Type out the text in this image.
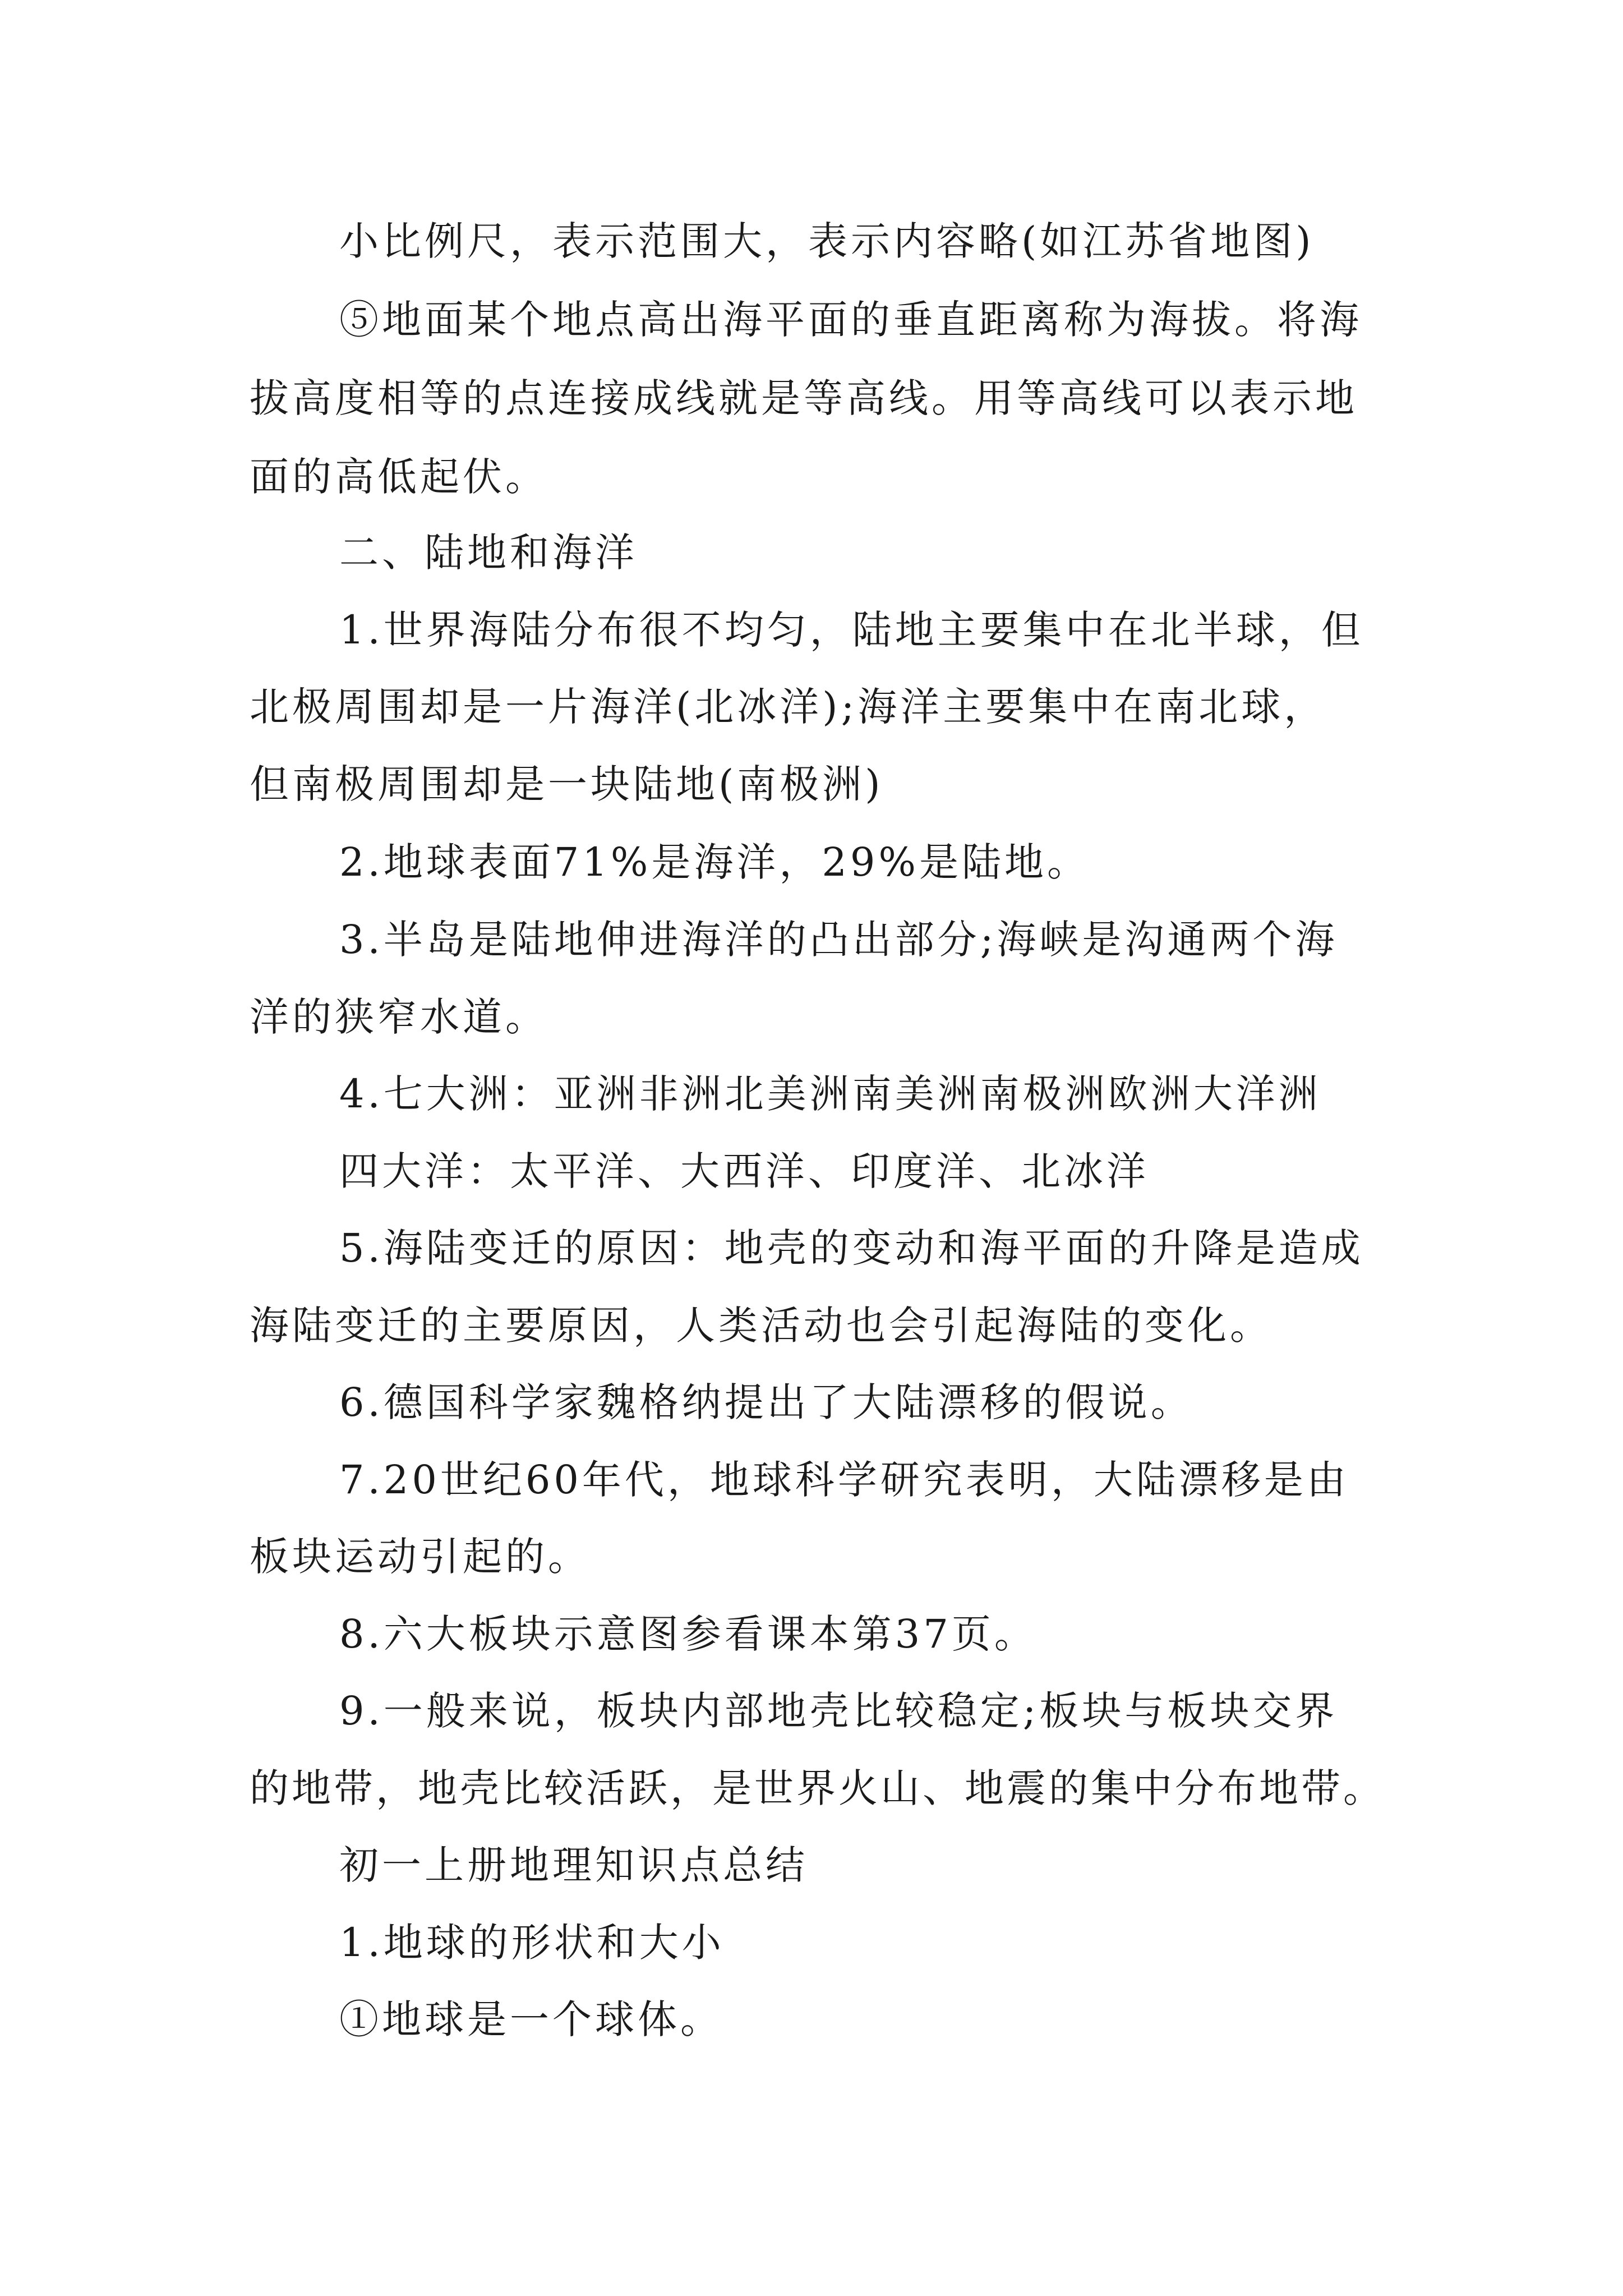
小比例尺，表示范围大，表示内容略(如江苏省地图)
⑤地面某个地点高出海平面的垂直距离称为海拔。将海
拔高度相等的点连接成线就是等高线。用等高线可以表示地
面的高低起伏。
二、陆地和海洋
1.世界海陆分布很不均匀，陆地主要集中在北半球，但
北极周围却是一片海洋(北冰洋);海洋主要集中在南北球，
但南极周围却是一块陆地(南极洲)
2.地球表面71%是海洋，29%是陆地。
3.半岛是陆地伸进海洋的凸出部分;海峡是沟通两个海
洋的狭窄水道。
4.七大洲：亚洲非洲北美洲南美洲南极洲欧洲大洋洲
四大洋：太平洋、大西洋、印度洋、北冰洋
5.海陆变迁的原因：地壳的变动和海平面的升降是造成
海陆变迁的主要原因，人类活动也会引起海陆的变化。
6.德国科学家魏格纳提出了大陆漂移的假说。
7.20世纪60年代，地球科学研究表明，大陆漂移是由
板块运动引起的。
8.六大板块示意图参看课本第37页。
9.一般来说，板块内部地壳比较稳定;板块与板块交界
的地带，地壳比较活跃，是世界火山、地震的集中分布地带。
初一上册地理知识点总结
1.地球的形状和大小
①地球是一个球体。
